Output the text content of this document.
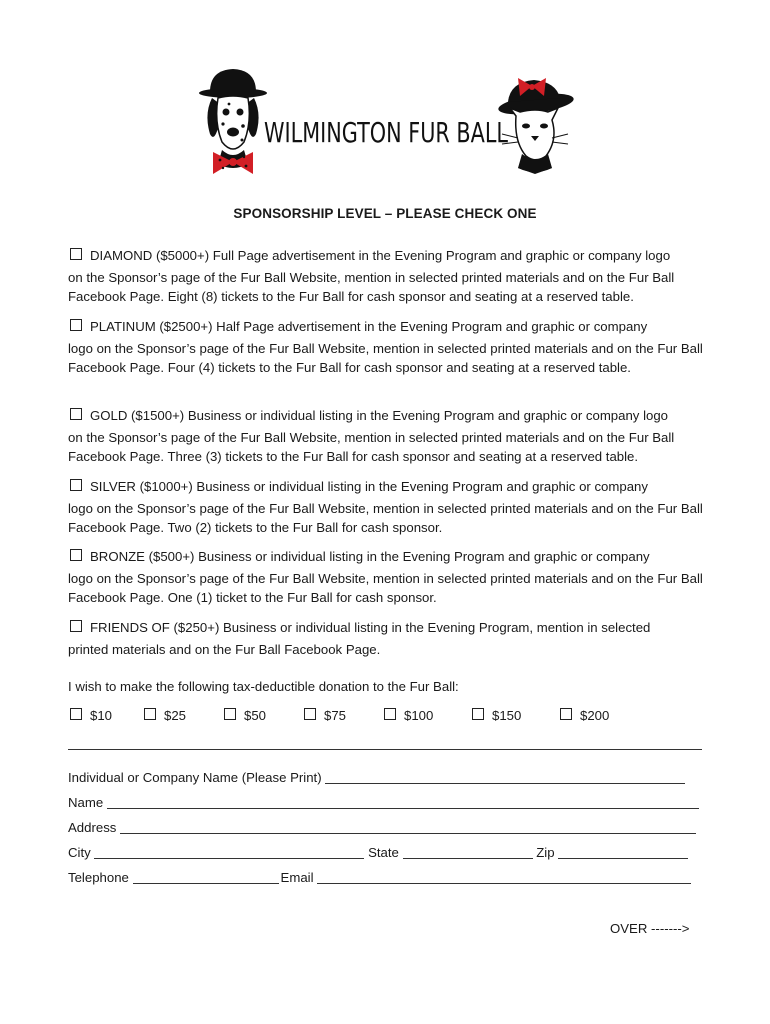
WILMINGTON FUR BALL
SPONSORSHIP LEVEL – PLEASE CHECK ONE

DIAMOND ($5000+) Full Page advertisement in the Evening Program and graphic or company logo

on the Sponsor’s page of the Fur Ball Website, mention in selected printed materials and on the Fur Ball Facebook Page. Eight (8) tickets to the Fur Ball for cash sponsor and seating at a reserved table.

PLATINUM ($2500+) Half Page advertisement in the Evening Program and graphic or company

logo on the Sponsor’s page of the Fur Ball Website, mention in selected printed materials and on the Fur Ball Facebook Page. Four (4) tickets to the Fur Ball for cash sponsor and seating at a reserved table.

GOLD ($1500+) Business or individual listing in the Evening Program and graphic or company logo

on the Sponsor’s page of the Fur Ball Website, mention in selected printed materials and on the Fur Ball Facebook Page. Three (3) tickets to the Fur Ball for cash sponsor and seating at a reserved table.

SILVER ($1000+) Business or individual listing in the Evening Program and graphic or company

logo on the Sponsor’s page of the Fur Ball Website, mention in selected printed materials and on the Fur Ball Facebook Page. Two (2) tickets to the Fur Ball for cash sponsor.

BRONZE ($500+) Business or individual listing in the Evening Program and graphic or company

logo on the Sponsor’s page of the Fur Ball Website, mention in selected printed materials and on the Fur Ball Facebook Page. One (1) ticket to the Fur Ball for cash sponsor.

FRIENDS OF ($250+) Business or individual listing in the Evening Program, mention in selected

printed materials and on the Fur Ball Facebook Page.

I wish to make the following tax-deductible donation to the Fur Ball:
$10	$25	$50	$75	$100	$150	$200
Individual or Company Name (Please Print)
Name
Address
City	State	Zip
Telephone	Email
OVER ------->
